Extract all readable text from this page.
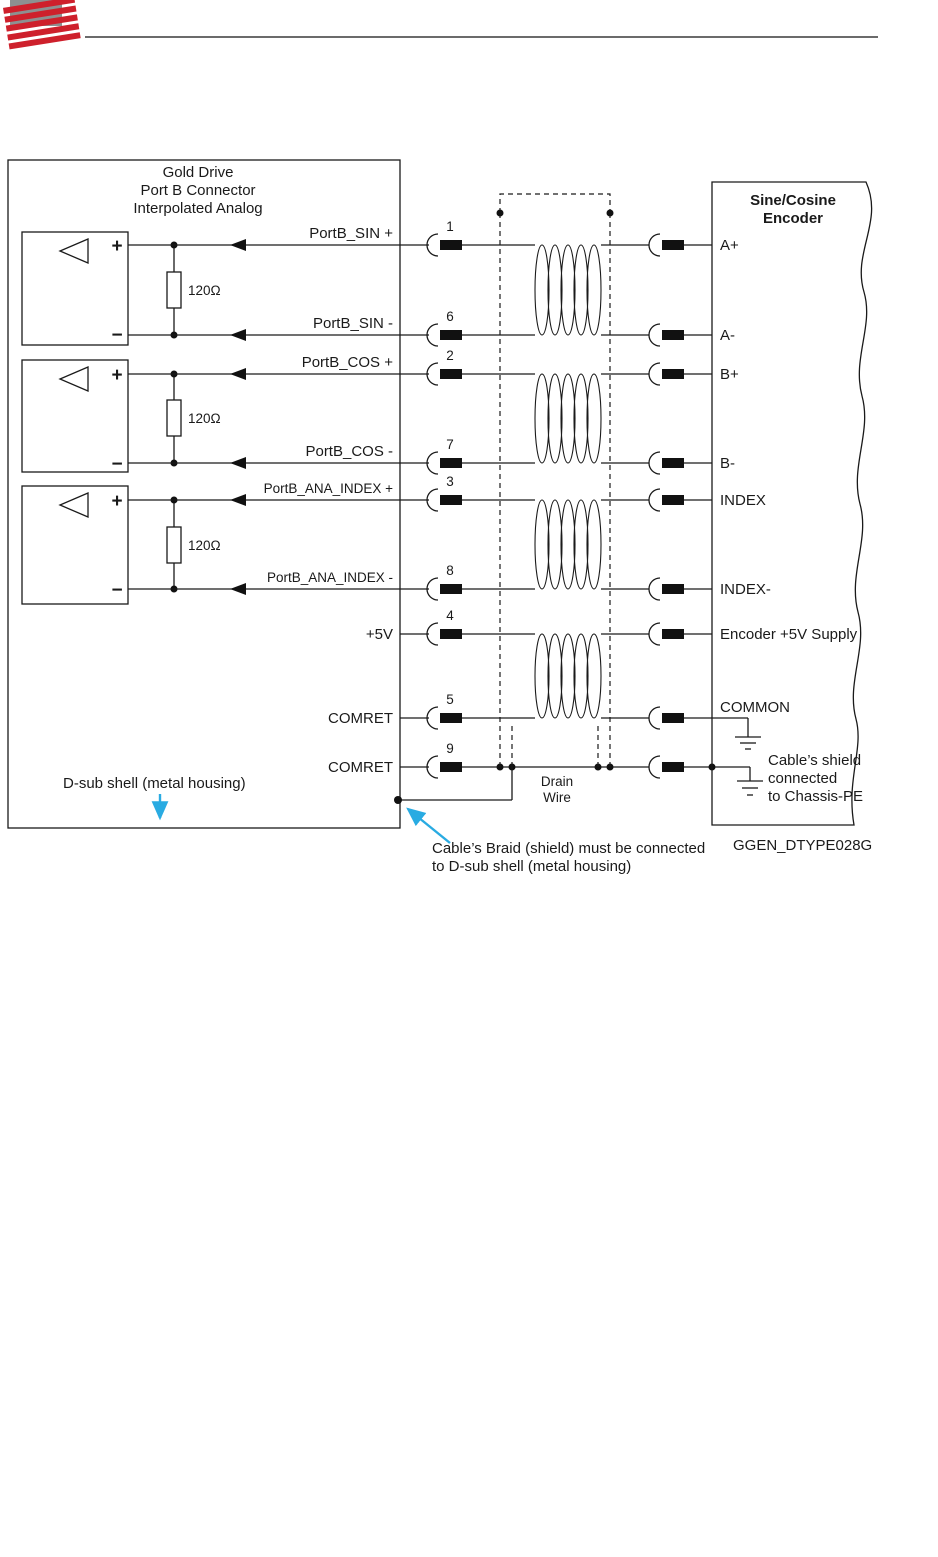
Gold Drive
Port B Connector
Interpolated Analog
+
−
+
−
+
−
120Ω
120Ω
120Ω
PortB_SIN +	1
A+
PortB_SIN -	6
A-
PortB_COS +	2
B+
PortB_COS -	7
B-
PortB_ANA_INDEX +	3
INDEX
PortB_ANA_INDEX -	8
INDEX-
+5V
4
Encoder +5V Supply
COMRET
5	COMMON
COMRET
9
Drain
Wire
Sine/Cosine
Encoder
Cable’s shield
connected
to Chassis-PE
GGEN_DTYPE028G
D-sub shell (metal housing)
Cable’s Braid (shield) must be connected
to D-sub shell (metal housing)
